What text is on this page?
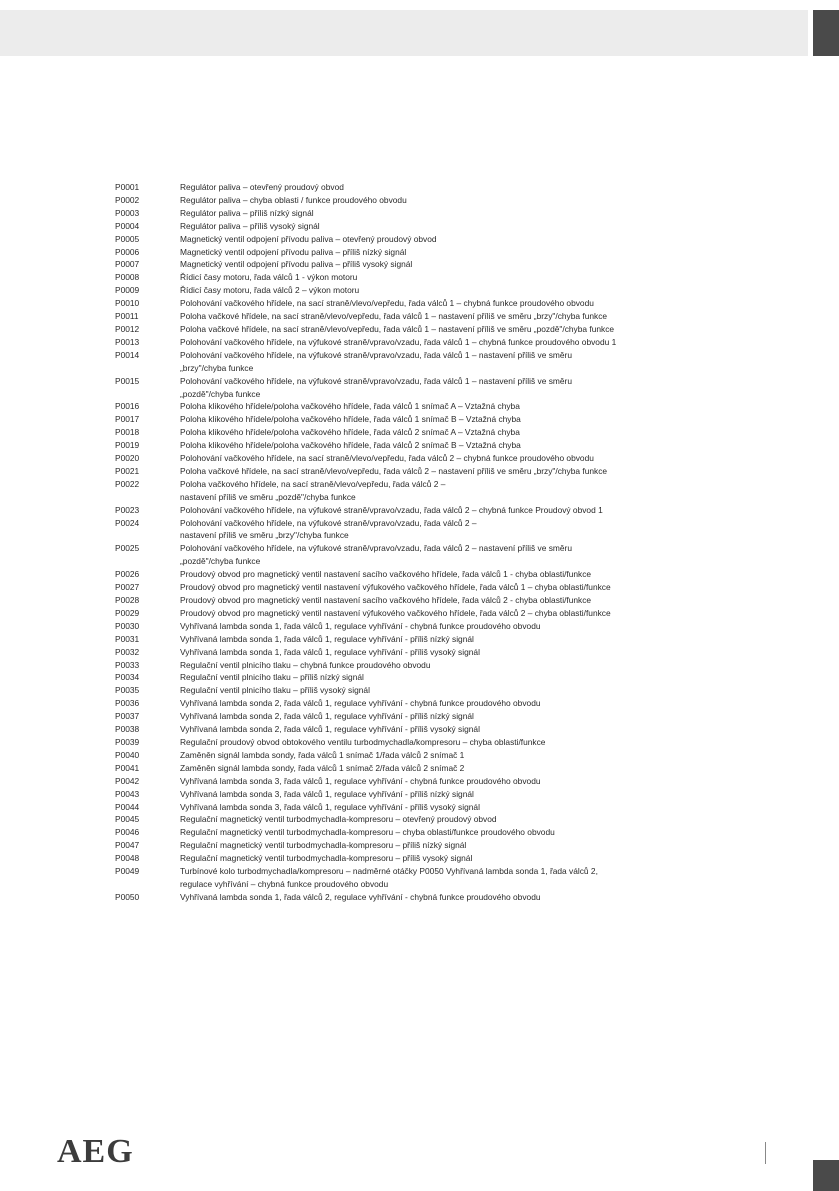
P0001	Regulátor paliva – otevřený proudový obvod
P0002	Regulátor paliva – chyba oblasti / funkce proudového obvodu
P0003	Regulátor paliva – příliš nízký signál
P0004	Regulátor paliva – příliš vysoký signál
P0005	Magnetický ventil odpojení přívodu paliva – otevřený proudový obvod
P0006	Magnetický ventil odpojení přívodu paliva – příliš nízký signál
P0007	Magnetický ventil odpojení přívodu paliva – příliš vysoký signál
P0008	Řídicí časy motoru, řada válců 1 - výkon motoru
P0009	Řídicí časy motoru, řada válců 2 – výkon motoru
P0010	Polohování vačkového hřídele, na sací straně/vlevo/vepředu, řada válců 1 – chybná funkce proudového obvodu
P0011	Poloha vačkové hřídele, na sací straně/vlevo/vepředu, řada válců 1 – nastavení příliš ve směru „brzy"/chyba funkce
P0012	Poloha vačkové hřídele, na sací straně/vlevo/vepředu, řada válců 1 – nastavení příliš ve směru „pozdě"/chyba funkce
P0013	Polohování vačkového hřídele, na výfukové straně/vpravo/vzadu, řada válců 1 – chybná funkce proudového obvodu 1
P0014	Polohování vačkového hřídele, na výfukové straně/vpravo/vzadu, řada válců 1 – nastavení příliš ve směru
„brzy"/chyba funkce
P0015	Polohování vačkového hřídele, na výfukové straně/vpravo/vzadu, řada válců 1 – nastavení příliš ve směru
„pozdě"/chyba funkce
P0016	Poloha klikového hřídele/poloha vačkového hřídele, řada válců 1 snímač A – Vztažná chyba
P0017	Poloha klikového hřídele/poloha vačkového hřídele, řada válců 1 snímač B – Vztažná chyba
P0018	Poloha klikového hřídele/poloha vačkového hřídele, řada válců 2 snímač A – Vztažná chyba
P0019	Poloha klikového hřídele/poloha vačkového hřídele, řada válců 2 snímač B – Vztažná chyba
P0020	Polohování vačkového hřídele, na sací straně/vlevo/vepředu, řada válců 2 – chybná funkce proudového obvodu
P0021	Poloha vačkové hřídele, na sací straně/vlevo/vepředu, řada válců 2 – nastavení příliš ve směru „brzy"/chyba funkce
P0022	Poloha vačkového hřídele, na sací straně/vlevo/vepředu, řada válců 2 –
nastavení příliš ve směru „pozdě"/chyba funkce
P0023	Polohování vačkového hřídele, na výfukové straně/vpravo/vzadu, řada válců 2 – chybná funkce Proudový obvod 1
P0024	Polohování vačkového hřídele, na výfukové straně/vpravo/vzadu, řada válců 2 –
nastavení příliš ve směru „brzy"/chyba funkce
P0025	Polohování vačkového hřídele, na výfukové straně/vpravo/vzadu, řada válců 2 – nastavení příliš ve směru
„pozdě"/chyba funkce
P0026	Proudový obvod pro magnetický ventil nastavení sacího vačkového hřídele, řada válců 1 - chyba oblasti/funkce
P0027	Proudový obvod pro magnetický ventil nastavení výfukového vačkového hřídele, řada válců 1 – chyba oblasti/funkce
P0028	Proudový obvod pro magnetický ventil nastavení sacího vačkového hřídele, řada válců 2 - chyba oblasti/funkce
P0029	Proudový obvod pro magnetický ventil nastavení výfukového vačkového hřídele, řada válců 2 – chyba oblasti/funkce
P0030	Vyhřívaná lambda sonda 1, řada válců 1, regulace vyhřívání - chybná funkce proudového obvodu
P0031	Vyhřívaná lambda sonda 1, řada válců 1, regulace vyhřívání - příliš nízký signál
P0032	Vyhřívaná lambda sonda 1, řada válců 1, regulace vyhřívání - příliš vysoký signál
P0033	Regulační ventil plnicího tlaku – chybná funkce proudového obvodu
P0034	Regulační ventil plnicího tlaku – příliš nízký signál
P0035	Regulační ventil plnicího tlaku – příliš vysoký signál
P0036	Vyhřívaná lambda sonda 2, řada válců 1, regulace vyhřívání - chybná funkce proudového obvodu
P0037	Vyhřívaná lambda sonda 2, řada válců 1, regulace vyhřívání - příliš nízký signál
P0038	Vyhřívaná lambda sonda 2, řada válců 1, regulace vyhřívání - příliš vysoký signál
P0039	Regulační proudový obvod obtokového ventilu turbodmychadla/kompresoru – chyba oblasti/funkce
P0040	Zaměněn signál lambda sondy, řada válců 1 snímač 1/řada válců 2 snímač 1
P0041	Zaměněn signál lambda sondy, řada válců 1 snímač 2/řada válců 2 snímač 2
P0042	Vyhřívaná lambda sonda 3, řada válců 1, regulace vyhřívání - chybná funkce proudového obvodu
P0043	Vyhřívaná lambda sonda 3, řada válců 1, regulace vyhřívání - příliš nízký signál
P0044	Vyhřívaná lambda sonda 3, řada válců 1, regulace vyhřívání - příliš vysoký signál
P0045	Regulační magnetický ventil turbodmychadla-kompresoru – otevřený proudový obvod
P0046	Regulační magnetický ventil turbodmychadla-kompresoru – chyba oblasti/funkce proudového obvodu
P0047	Regulační magnetický ventil turbodmychadla-kompresoru – příliš nízký signál
P0048	Regulační magnetický ventil turbodmychadla-kompresoru – příliš vysoký signál
P0049	Turbínové kolo turbodmychadla/kompresoru – nadměrné otáčky P0050 Vyhřívaná lambda sonda 1, řada válců 2,
regulace vyhřívání – chybná funkce proudového obvodu
P0050	Vyhřívaná lambda sonda 1, řada válců 2, regulace vyhřívání - chybná funkce proudového obvodu
AEG
